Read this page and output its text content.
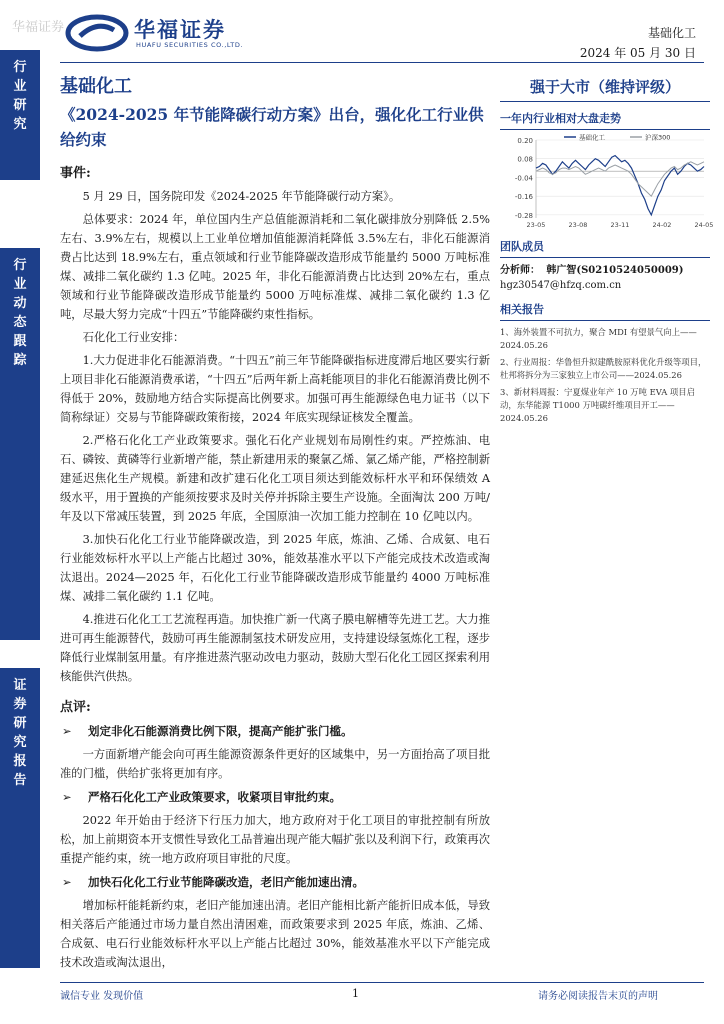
华福证券	华福证券
HUAFU SECURITIES CO.,LTD.
基础化工
2024 年 05 月 30 日
行
业
研
究
行
业
动
态
跟
踪
证
券
研
究
报
告
基础化工
《2024-2025 年节能降碳行动方案》出台，强化化工行业供给约束
事件:

5 月 29 日，国务院印发《2024-2025 年节能降碳行动方案》。

总体要求：2024 年，单位国内生产总值能源消耗和二氧化碳排放分别降低 2.5%左右、3.9%左右，规模以上工业单位增加值能源消耗降低 3.5%左右，非化石能源消费占比达到 18.9%左右，重点领域和行业节能降碳改造形成节能量约 5000 万吨标准煤、减排二氧化碳约 1.3 亿吨。2025 年，非化石能源消费占比达到 20%左右，重点领域和行业节能降碳改造形成节能量约 5000 万吨标准煤、减排二氧化碳约 1.3 亿吨，尽最大努力完成“十四五”节能降碳约束性指标。

石化化工行业安排：

1.大力促进非化石能源消费。“十四五”前三年节能降碳指标进度滞后地区要实行新上项目非化石能源消费承诺，“十四五”后两年新上高耗能项目的非化石能源消费比例不得低于 20%，鼓励地方结合实际提高比例要求。加强可再生能源绿色电力证书（以下简称绿证）交易与节能降碳政策衔接，2024 年底实现绿证核发全覆盖。

2.严格石化化工产业政策要求。强化石化产业规划布局刚性约束。严控炼油、电石、磷铵、黄磷等行业新增产能，禁止新建用汞的聚氯乙烯、氯乙烯产能，严格控制新建延迟焦化生产规模。新建和改扩建石化化工项目须达到能效标杆水平和环保绩效 A 级水平，用于置换的产能须按要求及时关停并拆除主要生产设施。全面淘汰 200 万吨/年及以下常减压装置，到 2025 年底，全国原油一次加工能力控制在 10 亿吨以内。

3.加快石化化工行业节能降碳改造，到 2025 年底，炼油、乙烯、合成氨、电石行业能效标杆水平以上产能占比超过 30%，能效基准水平以下产能完成技术改造或淘汰退出。2024—2025 年，石化化工行业节能降碳改造形成节能量约 4000 万吨标准煤、减排二氧化碳约 1.1 亿吨。

4.推进石化化工工艺流程再造。加快推广新一代离子膜电解槽等先进工艺。大力推进可再生能源替代，鼓励可再生能源制氢技术研发应用，支持建设绿氢炼化工程，逐步降低行业煤制氢用量。有序推进蒸汽驱动改电力驱动，鼓励大型石化化工园区探索利用核能供汽供热。

点评:
➢ 划定非化石能源消费比例下限，提高产能扩张门槛。

一方面新增产能会向可再生能源资源条件更好的区域集中，另一方面抬高了项目批准的门槛，供给扩张将更加有序。

➢ 严格石化化工产业政策要求，收紧项目审批约束。

2022 年开始由于经济下行压力加大，地方政府对于化工项目的审批控制有所放松，加上前期资本开支惯性导致化工品普遍出现产能大幅扩张以及利润下行，政策再次重提产能约束，统一地方政府项目审批的尺度。

➢ 加快石化化工行业节能降碳改造，老旧产能加速出清。

增加标杆能耗新约束，老旧产能加速出清。老旧产能相比新产能折旧成本低，导致相关落后产能通过市场力量自然出清困难，而政策要求到 2025 年底，炼油、乙烯、合成氨、电石行业能效标杆水平以上产能占比超过 30%，能效基准水平以下产能完成技术改造或淘汰退出，

强于大市（维持评级）
一年内行业相对大盘走势
0.20
0.08
-0.04
-0.16
-0.28
23-05	23-08	23-11	24-02	24-05
基础化工	沪深300
团队成员
分析师： 韩广智(S0210524050009)
hgz30547@hfzq.com.cn
相关报告
1、海外装置不可抗力，聚合 MDI 有望景气向上——2024.05.26
2、行业周报：华鲁恒升拟建酰胺原料优化升级等项目，杜邦将拆分为三家独立上市公司——2024.05.26
3、新材料周报：宁夏煤业年产 10 万吨 EVA 项目启动，东华能源 T1000 万吨碳纤维项目开工——2024.05.26
诚信专业 发现价值	1	请务必阅读报告末页的声明
